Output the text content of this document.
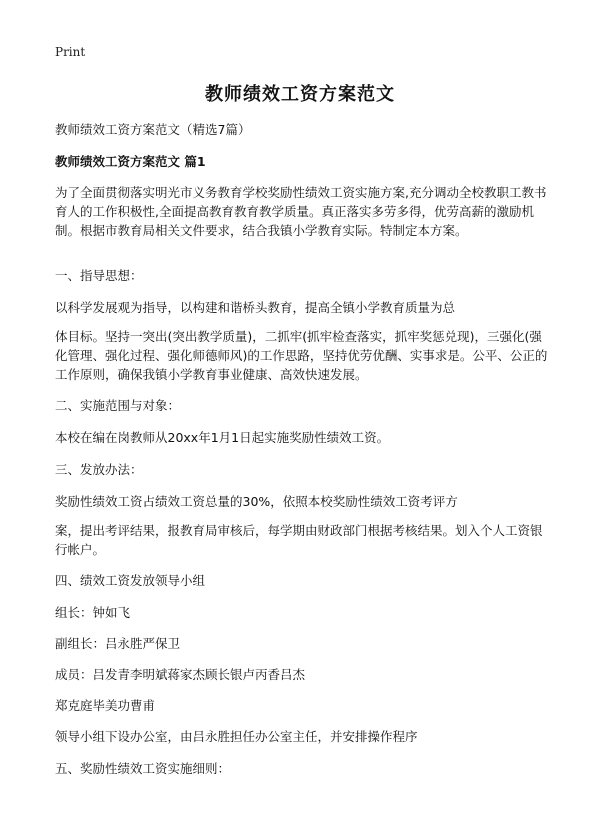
Print
教师绩效工资方案范文

教师绩效工资方案范文（精选7篇）

教师绩效工资方案范文 篇1

为了全面贯彻落实明光市义务教育学校奖励性绩效工资实施方案,充分调动全校教职工教书育人的工作积极性,全面提高教育教育教学质量。真正落实多劳多得，优劳高薪的激励机制。根据市教育局相关文件要求，结合我镇小学教育实际。特制定本方案。

一、指导思想：

以科学发展观为指导，以构建和谐桥头教育，提高全镇小学教育质量为总

体目标。坚持一突出(突出教学质量)，二抓牢(抓牢检查落实，抓牢奖惩兑现)，三强化(强化管理、强化过程、强化师德师风)的工作思路，坚持优劳优酬、实事求是。公平、公正的工作原则，确保我镇小学教育事业健康、高效快速发展。

二、实施范围与对象：

本校在编在岗教师从20xx年1月1日起实施奖励性绩效工资。

三、发放办法：

奖励性绩效工资占绩效工资总量的30%，依照本校奖励性绩效工资考评方

案，提出考评结果，报教育局审核后，每学期由财政部门根据考核结果。划入个人工资银行帐户。

四、绩效工资发放领导小组

组长：钟如飞

副组长：吕永胜严保卫

成员：吕发青李明斌蒋家杰顾长银卢丙香吕杰

郑克庭毕美功曹甫

领导小组下设办公室，由吕永胜担任办公室主任，并安排操作程序

五、奖励性绩效工资实施细则：
